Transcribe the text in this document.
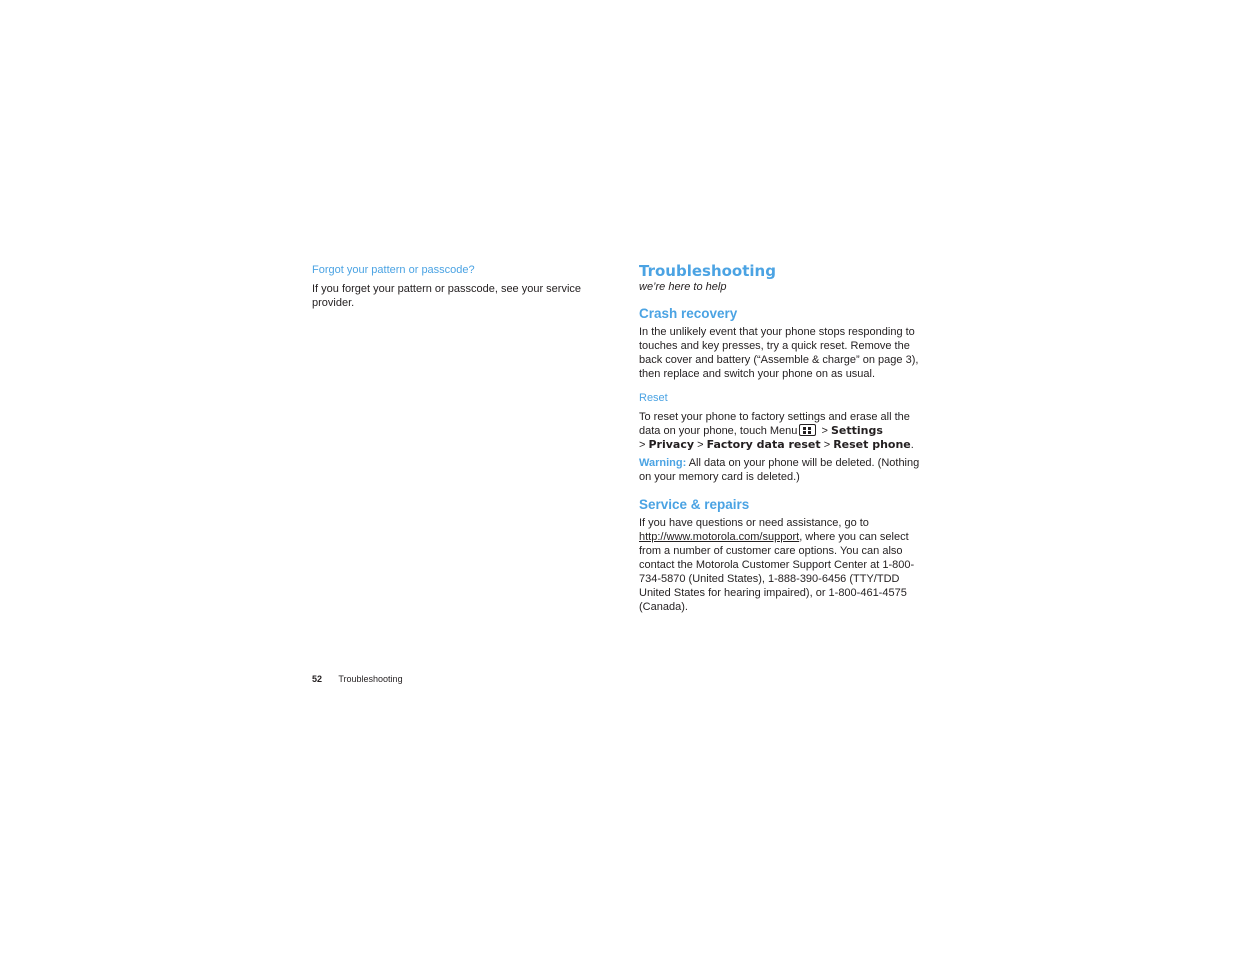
Forgot your pattern or passcode?

If you forget your pattern or passcode, see your service provider.

Troubleshooting

we’re here to help

Crash recovery

In the unlikely event that your phone stops responding to touches and key presses, try a quick reset. Remove the back cover and battery (“Assemble & charge” on page 3), then replace and switch your phone on as usual.

Reset

To reset your phone to factory settings and erase all the data on your phone, touch Menu > Settings
> Privacy > Factory data reset > Reset phone.

Warning: All data on your phone will be deleted. (Nothing on your memory card is deleted.)

Service & repairs

If you have questions or need assistance, go to
http://www.motorola.com/support, where you can select from a number of customer care options. You can also contact the Motorola Customer Support Center at 1-800-734-5870 (United States), 1-888-390-6456 (TTY/TDD United States for hearing impaired), or 1-800-461-4575 (Canada).

52 Troubleshooting
